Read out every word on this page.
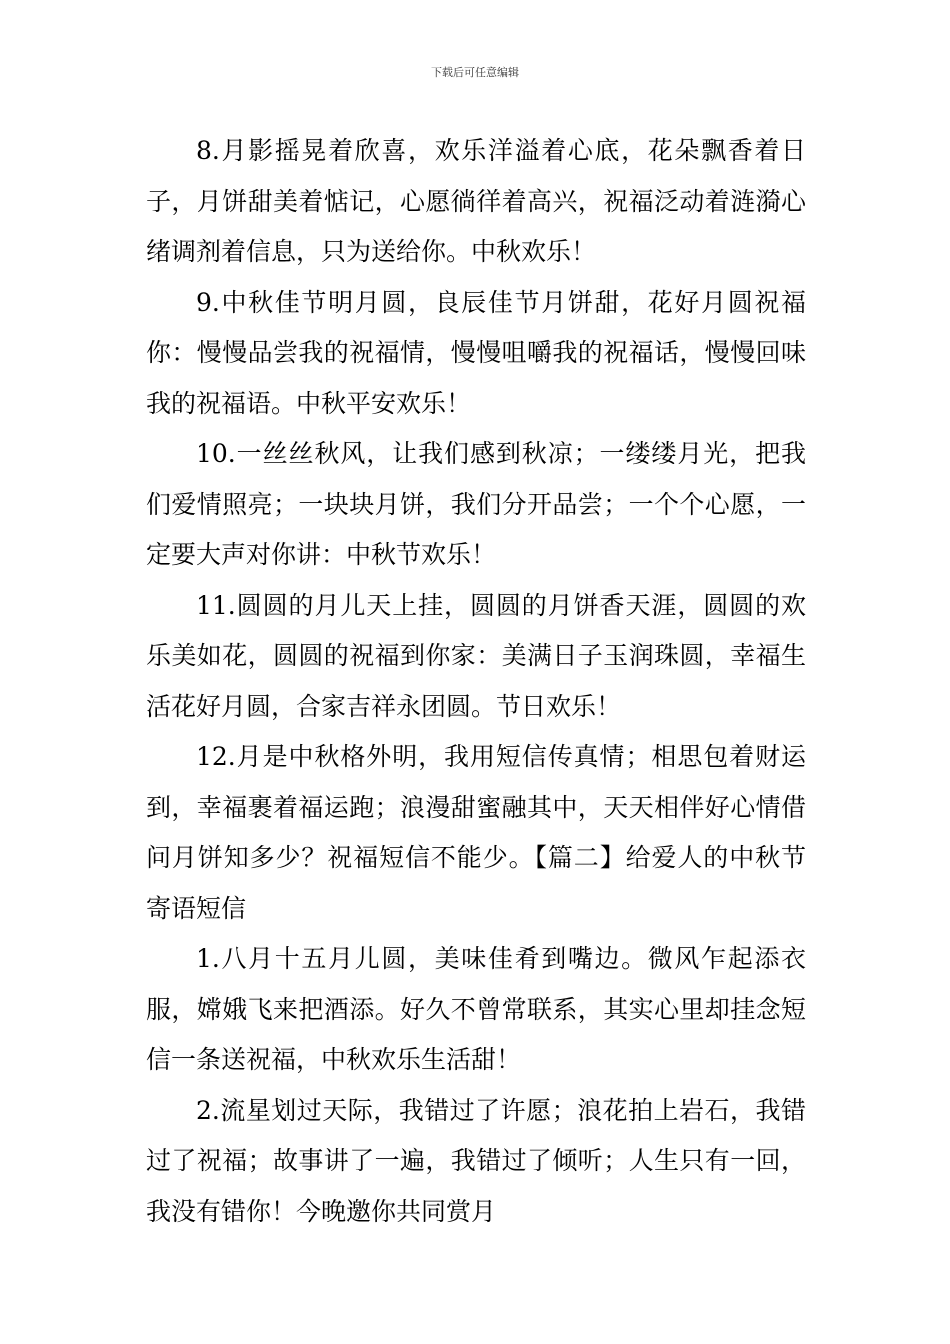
下载后可任意编辑

8.月影摇晃着欣喜，欢乐洋溢着心底，花朵飘香着日子，月饼甜美着惦记，心愿徜徉着高兴，祝福泛动着涟漪心绪调剂着信息，只为送给你。中秋欢乐！

9.中秋佳节明月圆，良辰佳节月饼甜，花好月圆祝福你：慢慢品尝我的祝福情，慢慢咀嚼我的祝福话，慢慢回味我的祝福语。中秋平安欢乐！

10.一丝丝秋风，让我们感到秋凉；一缕缕月光，把我们爱情照亮；一块块月饼，我们分开品尝；一个个心愿，一定要大声对你讲：中秋节欢乐！

11.圆圆的月儿天上挂，圆圆的月饼香天涯，圆圆的欢乐美如花，圆圆的祝福到你家：美满日子玉润珠圆，幸福生活花好月圆，合家吉祥永团圆。节日欢乐！

12.月是中秋格外明，我用短信传真情；相思包着财运到，幸福裹着福运跑；浪漫甜蜜融其中，天天相伴好心情借问月饼知多少？祝福短信不能少。【篇二】给爱人的中秋节寄语短信

1.八月十五月儿圆，美味佳肴到嘴边。微风乍起添衣服，嫦娥飞来把酒添。好久不曾常联系，其实心里却挂念短信一条送祝福，中秋欢乐生活甜！

2.流星划过天际，我错过了许愿；浪花拍上岩石，我错过了祝福；故事讲了一遍，我错过了倾听；人生只有一回，我没有错你！今晚邀你共同赏月
